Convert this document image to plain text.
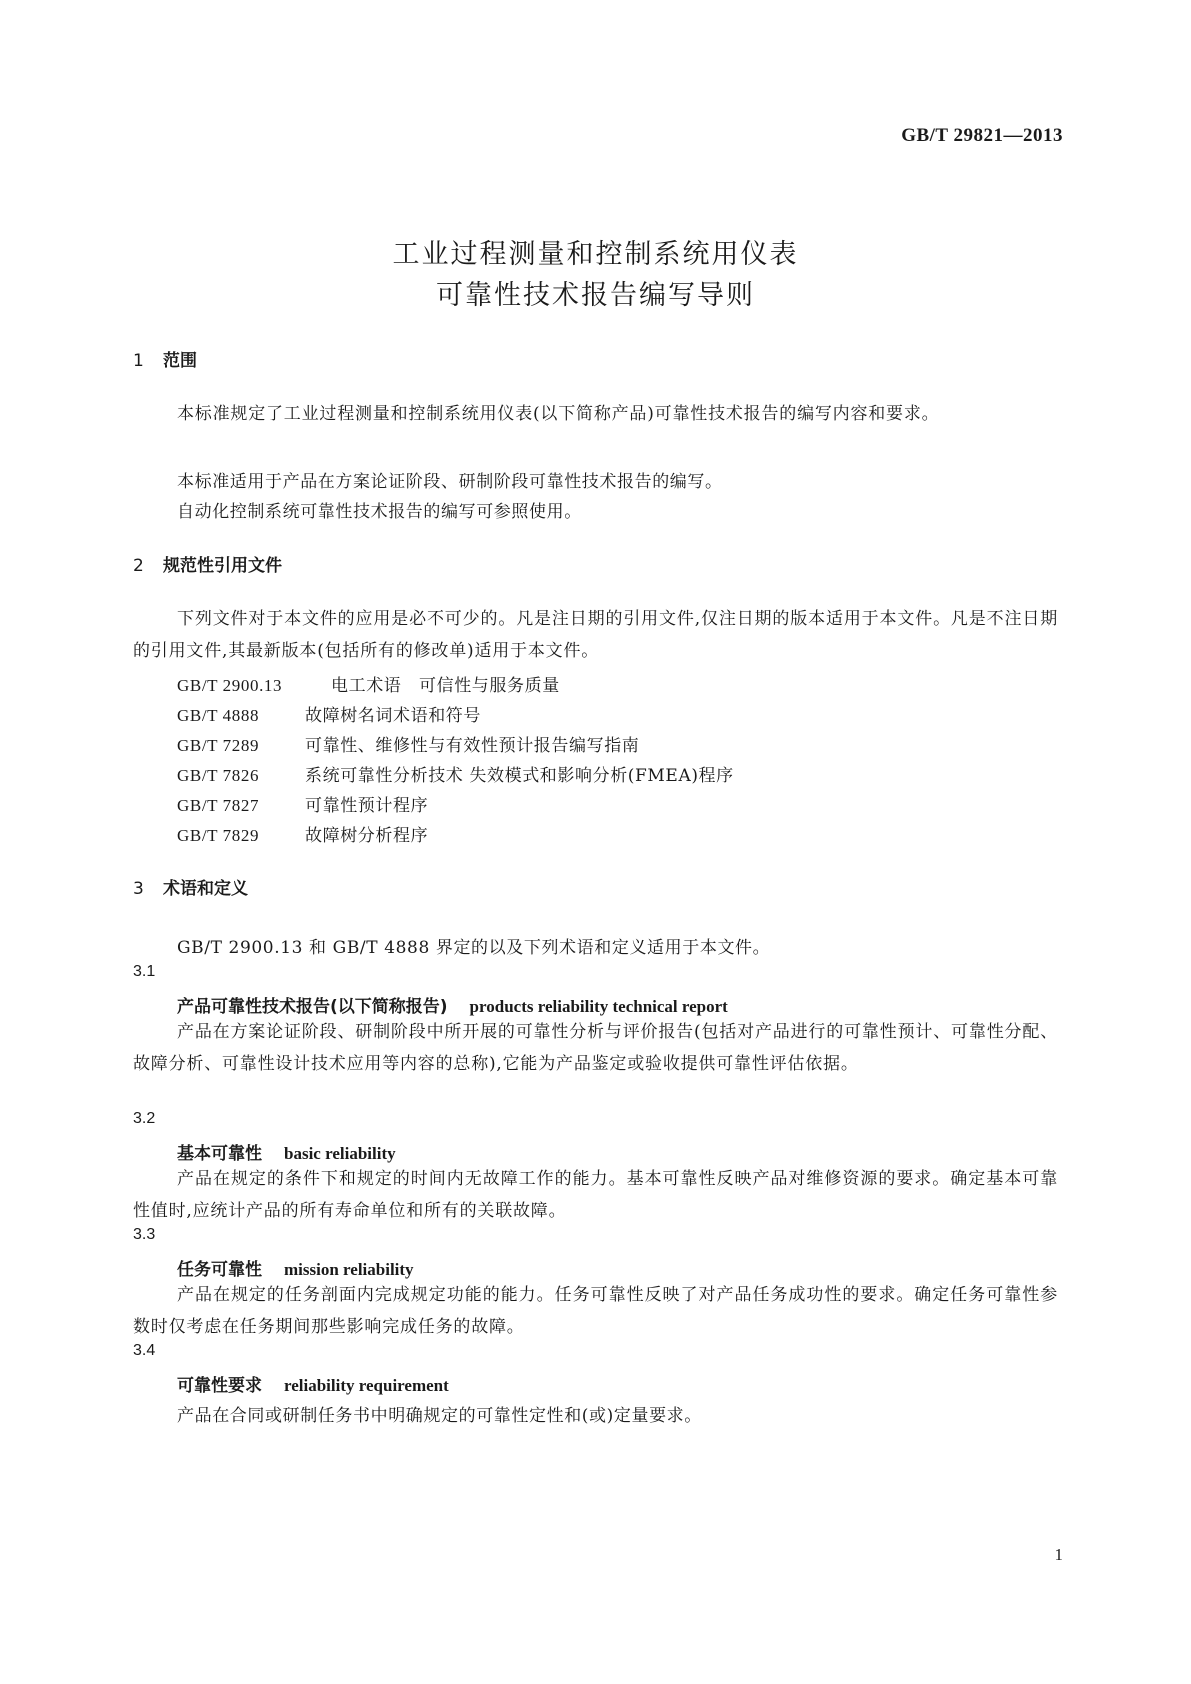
GB/T 29821—2013
工业过程测量和控制系统用仪表
可靠性技术报告编写导则
1 范围
本标准规定了工业过程测量和控制系统用仪表(以下简称产品)可靠性技术报告的编写内容和要求。
本标准适用于产品在方案论证阶段、研制阶段可靠性技术报告的编写。
自动化控制系统可靠性技术报告的编写可参照使用。
2 规范性引用文件
下列文件对于本文件的应用是必不可少的。凡是注日期的引用文件,仅注日期的版本适用于本文件。凡是不注日期的引用文件,其最新版本(包括所有的修改单)适用于本文件。
GB/T 2900.13	电工术语　可信性与服务质量
GB/T 4888	故障树名词术语和符号
GB/T 7289	可靠性、维修性与有效性预计报告编写指南
GB/T 7826	系统可靠性分析技术 失效模式和影响分析(FMEA)程序
GB/T 7827	可靠性预计程序
GB/T 7829	故障树分析程序
3 术语和定义
GB/T 2900.13 和 GB/T 4888 界定的以及下列术语和定义适用于本文件。
3.1
产品可靠性技术报告(以下简称报告) products reliability technical report
产品在方案论证阶段、研制阶段中所开展的可靠性分析与评价报告(包括对产品进行的可靠性预计、可靠性分配、故障分析、可靠性设计技术应用等内容的总称),它能为产品鉴定或验收提供可靠性评估依据。
3.2
基本可靠性 basic reliability
产品在规定的条件下和规定的时间内无故障工作的能力。基本可靠性反映产品对维修资源的要求。确定基本可靠性值时,应统计产品的所有寿命单位和所有的关联故障。
3.3
任务可靠性 mission reliability
产品在规定的任务剖面内完成规定功能的能力。任务可靠性反映了对产品任务成功性的要求。确定任务可靠性参数时仅考虑在任务期间那些影响完成任务的故障。
3.4
可靠性要求 reliability requirement
产品在合同或研制任务书中明确规定的可靠性定性和(或)定量要求。
1
